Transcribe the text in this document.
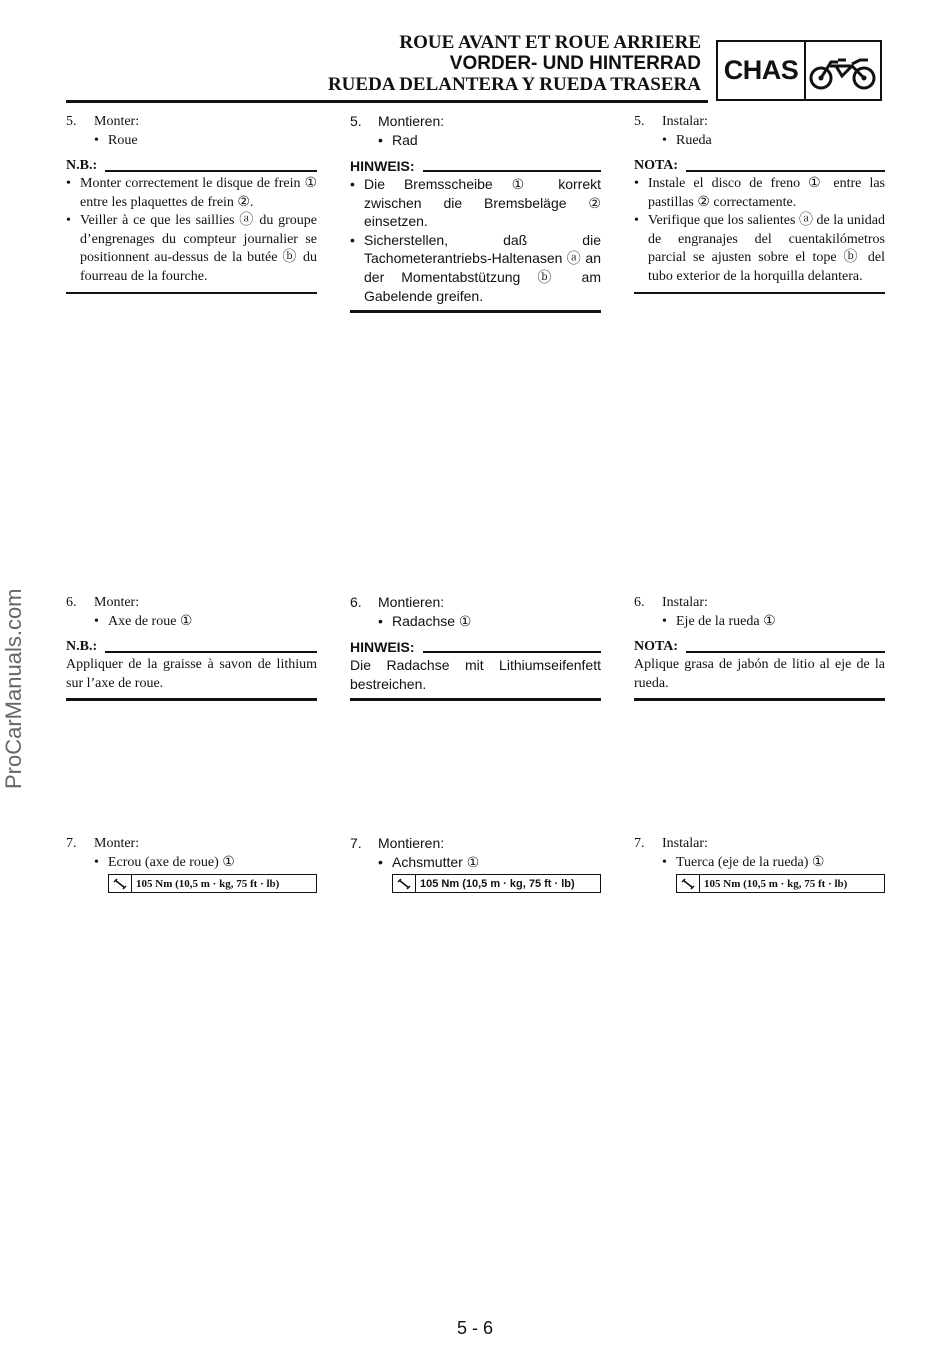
ROUE AVANT ET ROUE ARRIERE
VORDER- UND HINTERRAD
RUEDA DELANTERA Y RUEDA TRASERA CHAS
ProCarManuals.com
5.	Monter:
• Roue
N.B.:
• Monter correctement le disque de frein ① entre les plaquettes de frein ②.
• Veiller à ce que les saillies ⓐ du groupe d’engrenages du compteur journalier se positionnent au-dessus de la butée ⓑ du fourreau de la fourche.
6.	Monter:
• Axe de roue ①
N.B.:
Appliquer de la graisse à savon de lithium sur l’axe de roue.
7.	Monter:
• Ecrou (axe de roue) ①
105 Nm (10,5 m · kg, 75 ft · lb)
5.	Montieren:
• Rad
HINWEIS:
• Die Bremsscheibe ① korrekt zwischen die Bremsbeläge ② einsetzen.
• Sicherstellen, daß die Tachometerantriebs-Haltenasen ⓐ an der Momentabstützung ⓑ am Gabelende greifen.
6.	Montieren:
• Radachse ①
HINWEIS:
Die Radachse mit Lithiumseifenfett bestreichen.
7.	Montieren:
• Achsmutter ①
105 Nm (10,5 m · kg, 75 ft · lb)
5.	Instalar:
• Rueda
NOTA:
• Instale el disco de freno ① entre las pastillas ② correctamente.
• Verifique que los salientes ⓐ de la unidad de engranajes del cuentakilómetros parcial se ajusten sobre el tope ⓑ del tubo exterior de la horquilla delantera.
6.	Instalar:
• Eje de la rueda ①
NOTA:
Aplique grasa de jabón de litio al eje de la rueda.
7.	Instalar:
• Tuerca (eje de la rueda) ①
105 Nm (10,5 m · kg, 75 ft · lb)
5 - 6
